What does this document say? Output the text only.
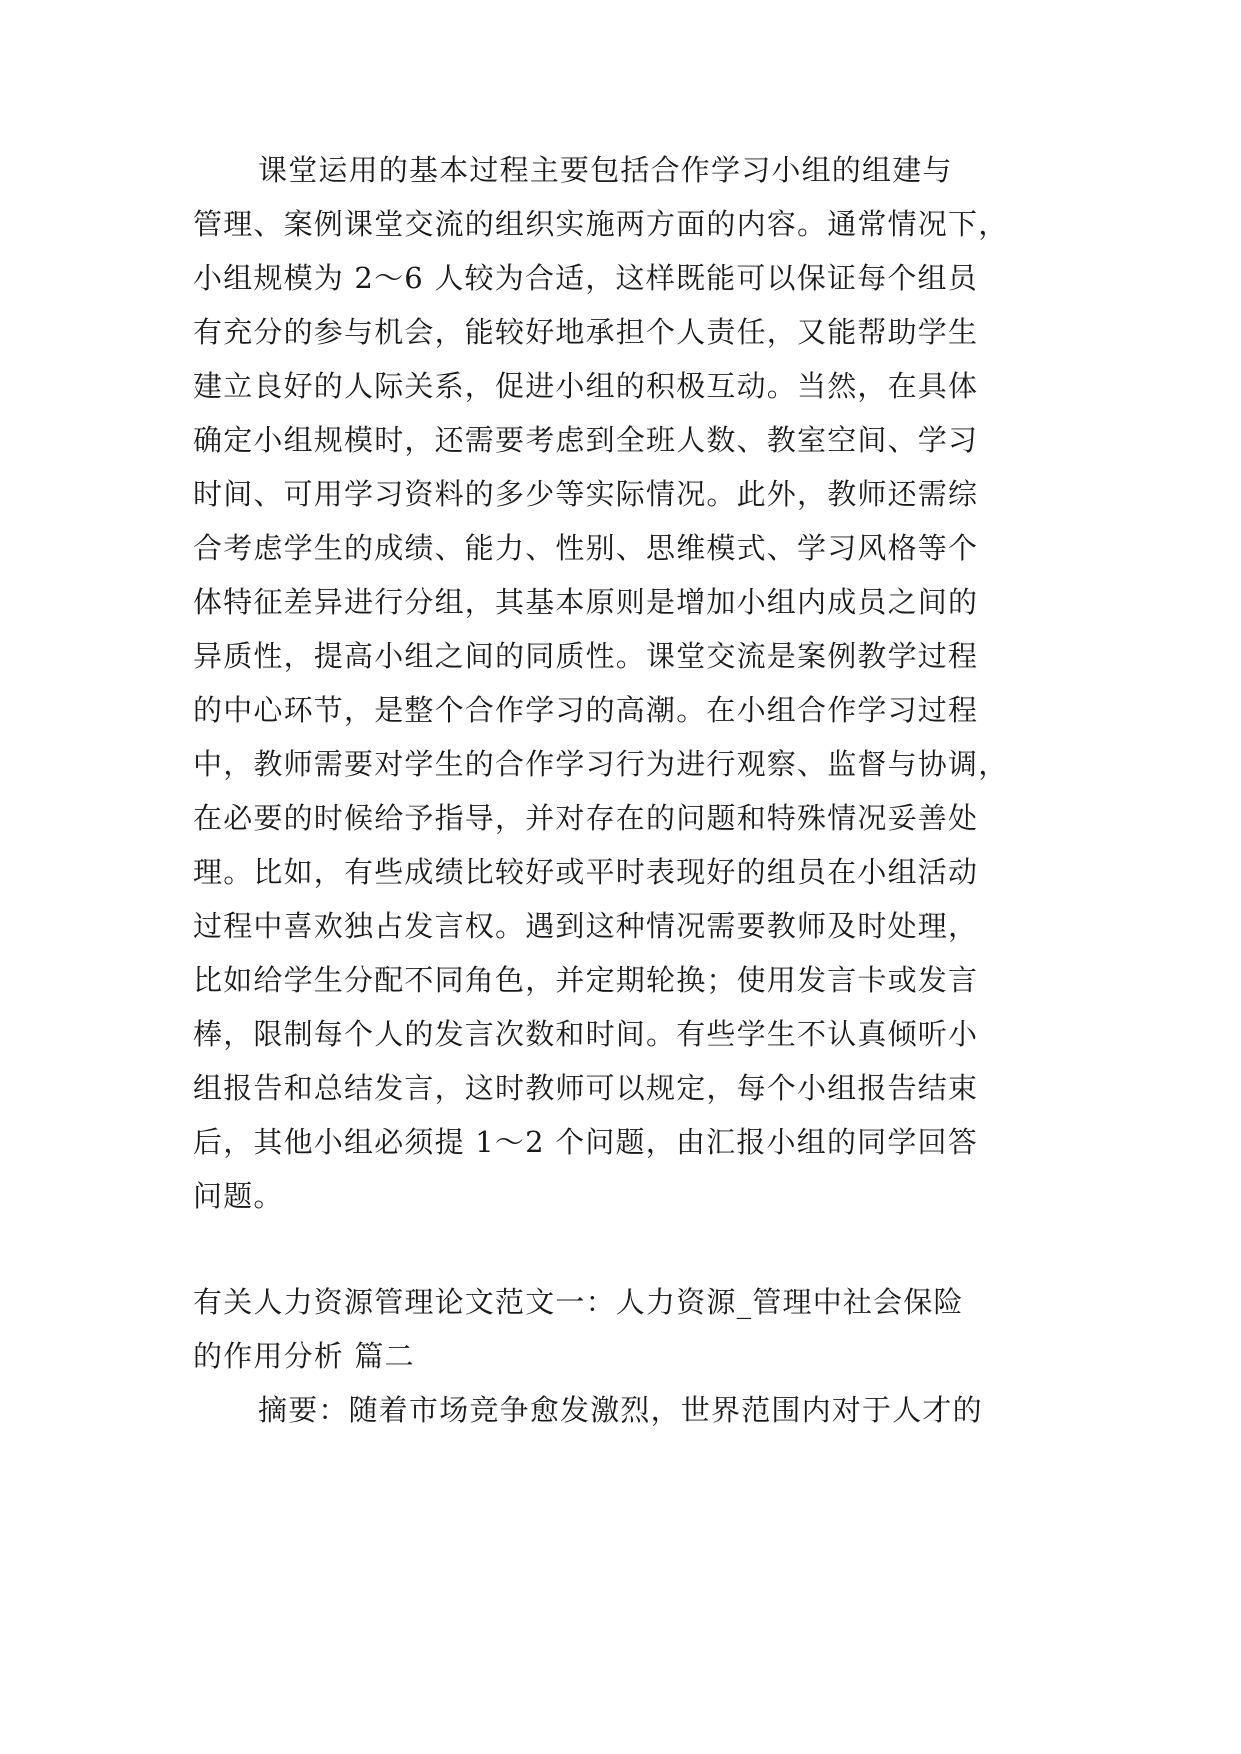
课堂运用的基本过程主要包括合作学习小组的组建与
管理、案例课堂交流的组织实施两方面的内容。通常情况下，
小组规模为 2～6 人较为合适，这样既能可以保证每个组员
有充分的参与机会，能较好地承担个人责任，又能帮助学生
建立良好的人际关系，促进小组的积极互动。当然，在具体
确定小组规模时，还需要考虑到全班人数、教室空间、学习
时间、可用学习资料的多少等实际情况。此外，教师还需综
合考虑学生的成绩、能力、性别、思维模式、学习风格等个
体特征差异进行分组，其基本原则是增加小组内成员之间的
异质性，提高小组之间的同质性。课堂交流是案例教学过程
的中心环节，是整个合作学习的高潮。在小组合作学习过程
中，教师需要对学生的合作学习行为进行观察、监督与协调，
在必要的时候给予指导，并对存在的问题和特殊情况妥善处
理。比如，有些成绩比较好或平时表现好的组员在小组活动
过程中喜欢独占发言权。遇到这种情况需要教师及时处理，
比如给学生分配不同角色，并定期轮换；使用发言卡或发言
棒，限制每个人的发言次数和时间。有些学生不认真倾听小
组报告和总结发言，这时教师可以规定，每个小组报告结束
后，其他小组必须提 1～2 个问题，由汇报小组的同学回答
问题。
有关人力资源管理论文范文一：人力资源_管理中社会保险
的作用分析 篇二
摘要：随着市场竞争愈发激烈，世界范围内对于人才的
